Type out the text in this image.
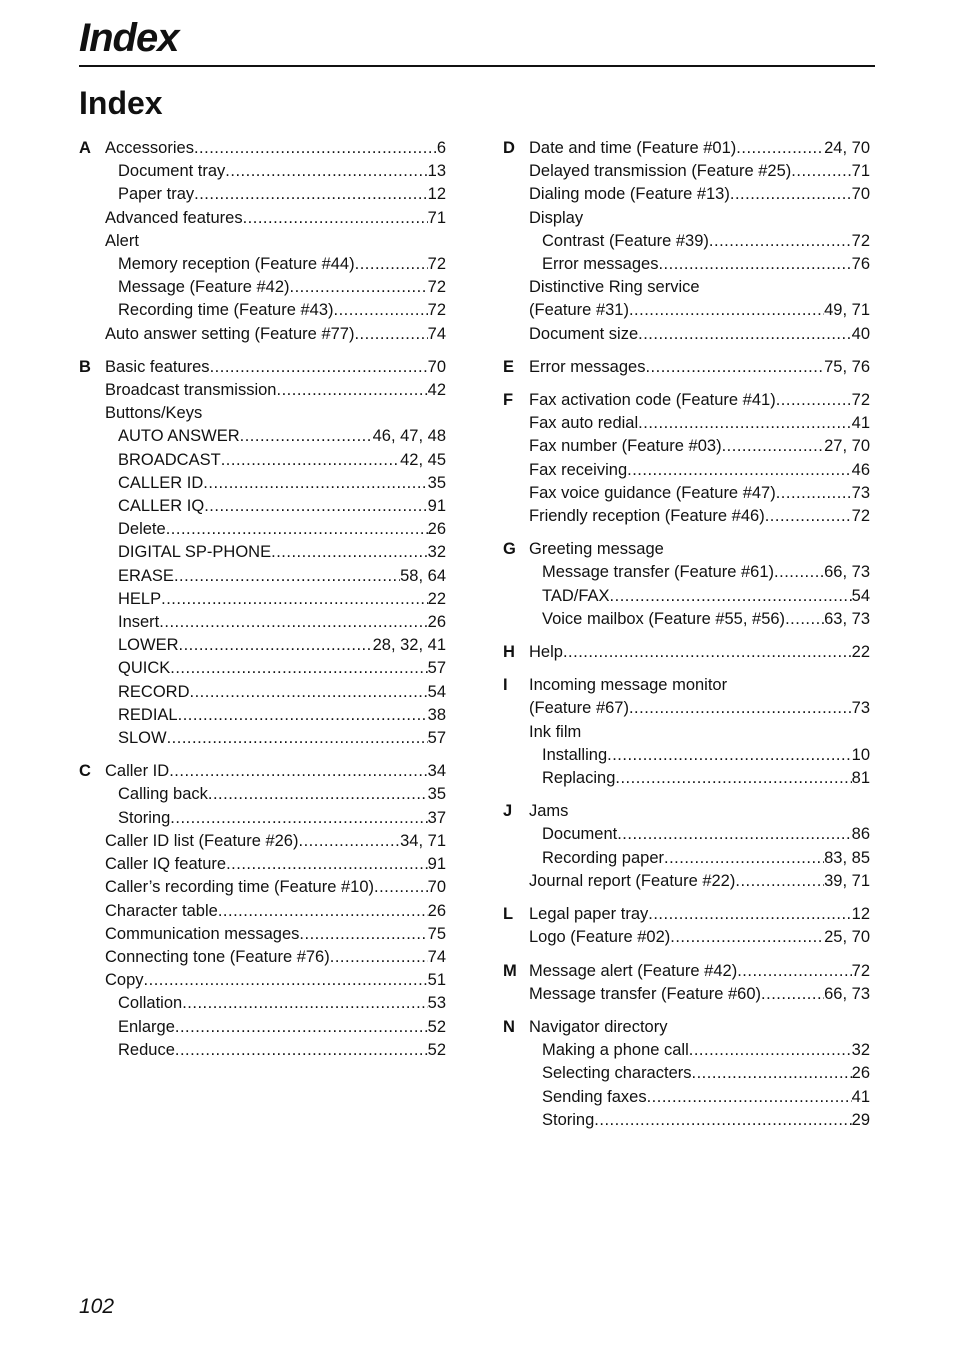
Index
Index
A Accessories .....	6
Document tray .....	13
Paper tray .....	12
Advanced features .....	71
Alert
Memory reception (Feature #44) .....	72
Message (Feature #42) .....	72
Recording time (Feature #43) .....	72
Auto answer setting (Feature #77) .....	74
B Basic features .....	70
Broadcast transmission .....	42
Buttons/Keys
AUTO ANSWER .....	46, 47, 48
BROADCAST .....	42, 45
CALLER ID .....	35
CALLER IQ .....	91
Delete .....	26
DIGITAL SP-PHONE .....	32
ERASE .....	58, 64
HELP .....	22
Insert .....	26
LOWER .....	28, 32, 41
QUICK .....	57
RECORD .....	54
REDIAL .....	38
SLOW .....	57
C Caller ID .....	34
Calling back .....	35
Storing .....	37
Caller ID list (Feature #26) .....	34, 71
Caller IQ feature .....	91
Caller’s recording time (Feature #10) .....	70
Character table .....	26
Communication messages .....	75
Connecting tone (Feature #76) .....	74
Copy .....	51
Collation .....	53
Enlarge .....	52
Reduce .....	52
D Date and time (Feature #01) .....	24, 70
Delayed transmission (Feature #25) .....	71
Dialing mode (Feature #13) .....	70
Display
Contrast (Feature #39) .....	72
Error messages .....	76
Distinctive Ring service
(Feature #31) .....	49, 71
Document size .....	40
E Error messages .....	75, 76
F Fax activation code (Feature #41) .....	72
Fax auto redial .....	41
Fax number (Feature #03) .....	27, 70
Fax receiving .....	46
Fax voice guidance (Feature #47) .....	73
Friendly reception (Feature #46) .....	72
G Greeting message
Message transfer (Feature #61) .....	66, 73
TAD/FAX .....	54
Voice mailbox (Feature #55, #56) ..... 63, 73
H Help .....	22
I Incoming message monitor
(Feature #67) .....	73
Ink film
Installing .....	10
Replacing .....	81
J Jams
Document .....	86
Recording paper .....	83, 85
Journal report (Feature #22) .....	39, 71
L Legal paper tray .....	12
Logo (Feature #02) .....	25, 70
M Message alert (Feature #42) .....	72
Message transfer (Feature #60) .....	66, 73
N Navigator directory
Making a phone call .....	32
Selecting characters .....	26
Sending faxes .....	41
Storing .....	29
102
